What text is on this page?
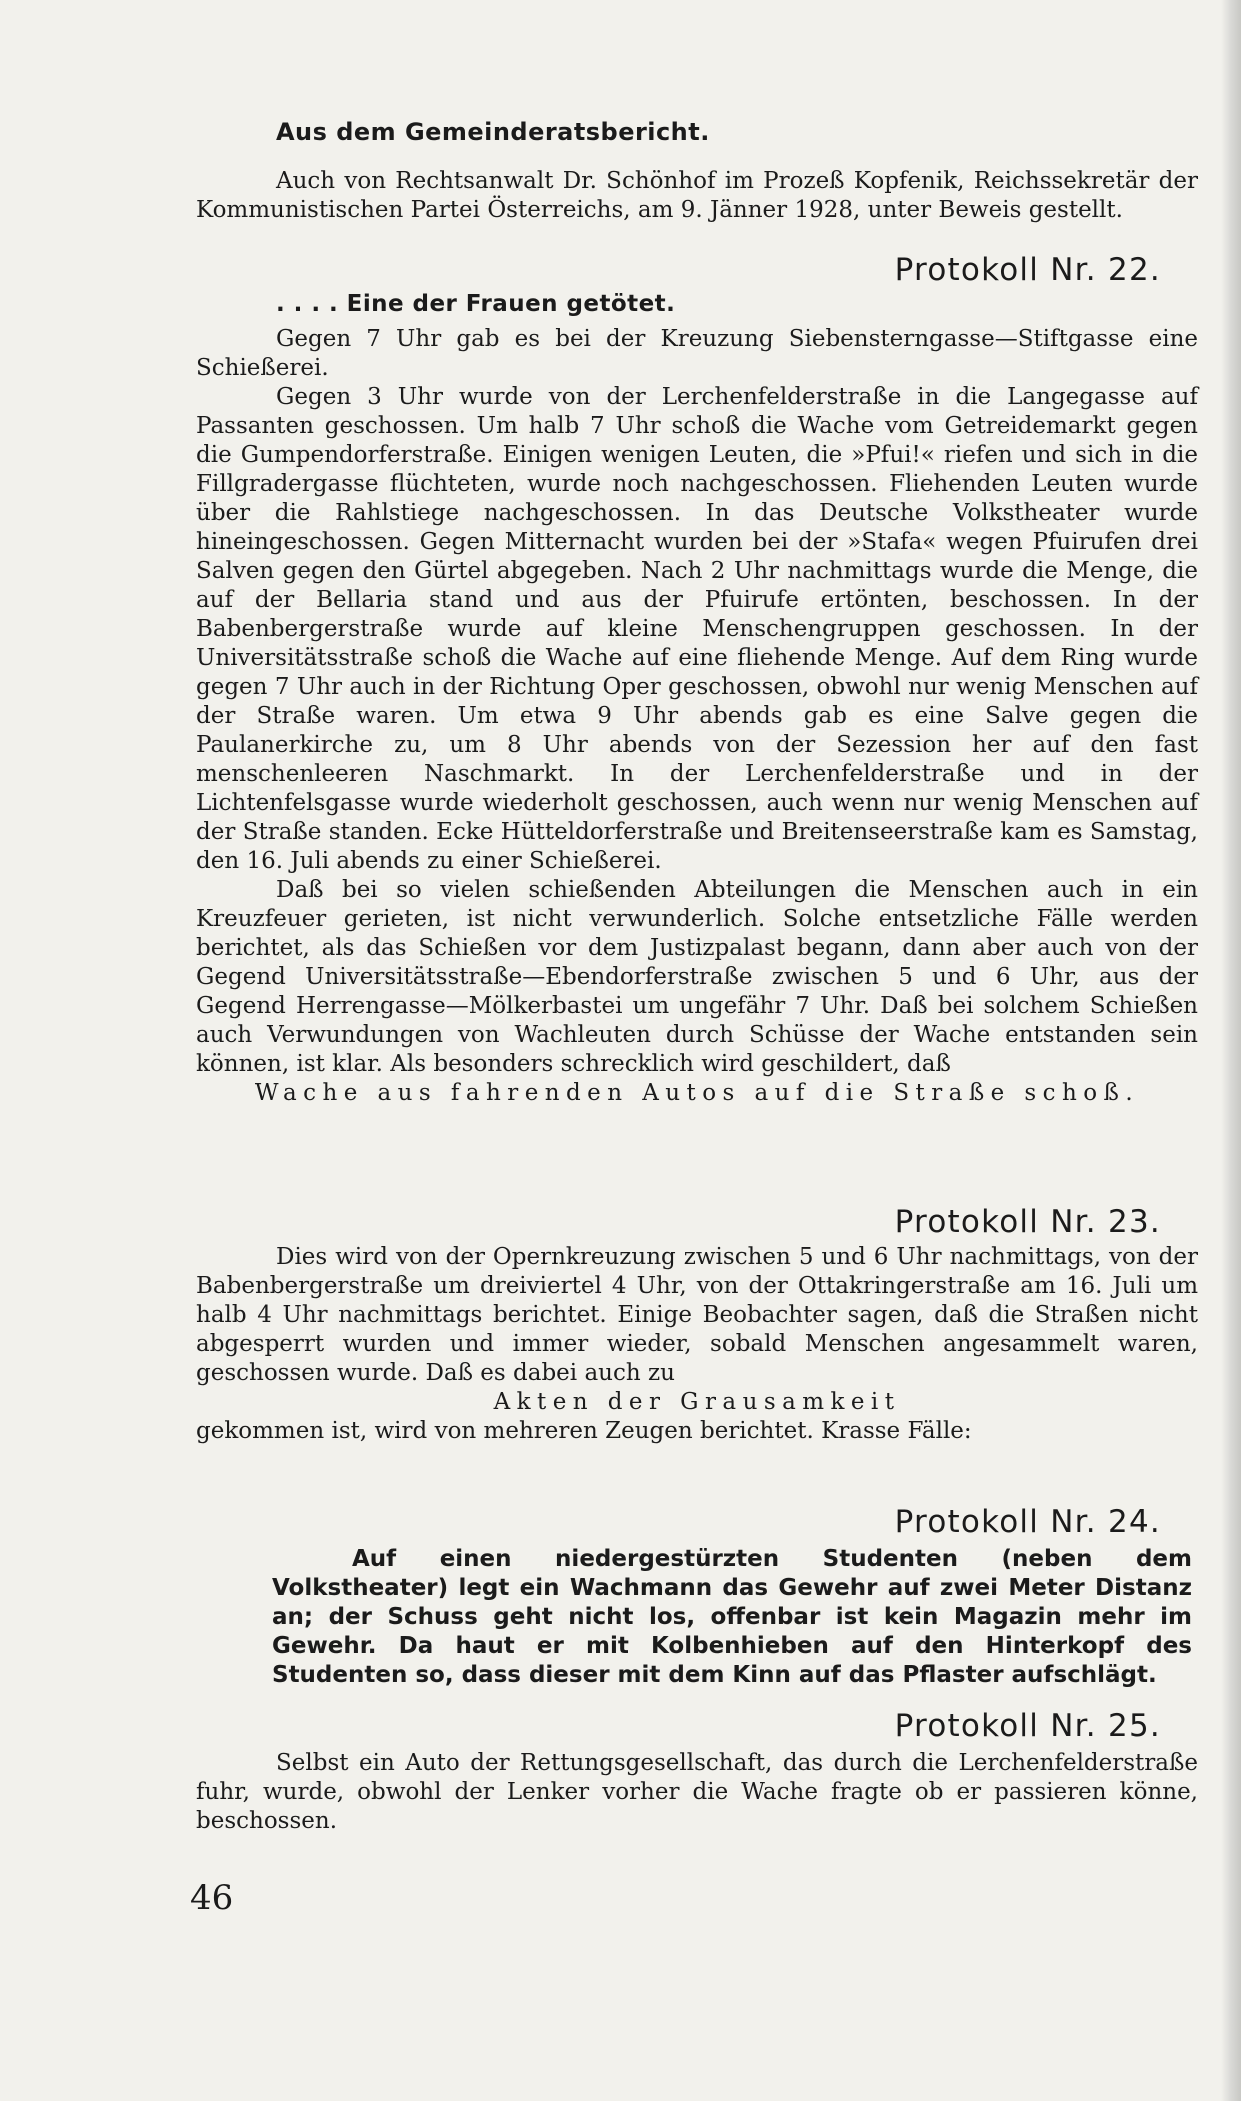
Aus dem Gemeinderatsbericht.

Auch von Rechtsanwalt Dr. Schönhof im Prozeß Kopfenik, Reichssekretär der Kommunistischen Partei Österreichs, am 9. Jänner 1928, unter Beweis gestellt.

Protokoll Nr. 22.

. . . . Eine der Frauen getötet.

Gegen 7 Uhr gab es bei der Kreuzung Siebensterngasse—Stiftgasse eine Schießerei.

Gegen 3 Uhr wurde von der Lerchenfelderstraße in die Langegasse auf Passanten geschossen. Um halb 7 Uhr schoß die Wache vom Getreidemarkt gegen die Gumpendorferstraße. Einigen wenigen Leuten, die »Pfui!« riefen und sich in die Fillgradergasse flüchteten, wurde noch nachgeschossen. Fliehenden Leuten wurde über die Rahlstiege nachgeschossen. In das Deutsche Volkstheater wurde hineingeschossen. Gegen Mitternacht wurden bei der »Stafa« wegen Pfuirufen drei Salven gegen den Gürtel abgegeben. Nach 2 Uhr nachmittags wurde die Menge, die auf der Bellaria stand und aus der Pfuirufe ertönten, beschossen. In der Babenbergerstraße wurde auf kleine Menschengruppen geschossen. In der Universitätsstraße schoß die Wache auf eine fliehende Menge. Auf dem Ring wurde gegen 7 Uhr auch in der Richtung Oper geschossen, obwohl nur wenig Menschen auf der Straße waren. Um etwa 9 Uhr abends gab es eine Salve gegen die Paulanerkirche zu, um 8 Uhr abends von der Sezession her auf den fast menschenleeren Naschmarkt. In der Lerchenfelderstraße und in der Lichtenfelsgasse wurde wiederholt geschossen, auch wenn nur wenig Menschen auf der Straße standen. Ecke Hütteldorferstraße und Breitenseerstraße kam es Samstag, den 16. Juli abends zu einer Schießerei.

Daß bei so vielen schießenden Abteilungen die Menschen auch in ein Kreuzfeuer gerieten, ist nicht verwunderlich. Solche entsetzliche Fälle werden berichtet, als das Schießen vor dem Justizpalast begann, dann aber auch von der Gegend Universitätsstraße—Ebendorferstraße zwischen 5 und 6 Uhr, aus der Gegend Herrengasse—Mölkerbastei um ungefähr 7 Uhr. Daß bei solchem Schießen auch Verwundungen von Wachleuten durch Schüsse der Wache entstanden sein können, ist klar. Als besonders schrecklich wird geschildert, daß

Wache aus fahrenden Autos auf die Straße schoß.

Protokoll Nr. 23.

Dies wird von der Opernkreuzung zwischen 5 und 6 Uhr nachmittags, von der Babenbergerstraße um dreiviertel 4 Uhr, von der Ottakringerstraße am 16. Juli um halb 4 Uhr nachmittags berichtet. Einige Beobachter sagen, daß die Straßen nicht abgesperrt wurden und immer wieder, sobald Menschen angesammelt waren, geschossen wurde. Daß es dabei auch zu

Akten der Grausamkeit

gekommen ist, wird von mehreren Zeugen berichtet. Krasse Fälle:

Protokoll Nr. 24.

Auf einen niedergestürzten Studenten (neben dem Volkstheater) legt ein Wachmann das Gewehr auf zwei Meter Distanz an; der Schuss geht nicht los, offenbar ist kein Magazin mehr im Gewehr. Da haut er mit Kolbenhieben auf den Hinterkopf des Studenten so, dass dieser mit dem Kinn auf das Pflaster aufschlägt.

Protokoll Nr. 25.

Selbst ein Auto der Rettungsgesellschaft, das durch die Lerchenfelderstraße fuhr, wurde, obwohl der Lenker vorher die Wache fragte ob er passieren könne, beschossen.

46
